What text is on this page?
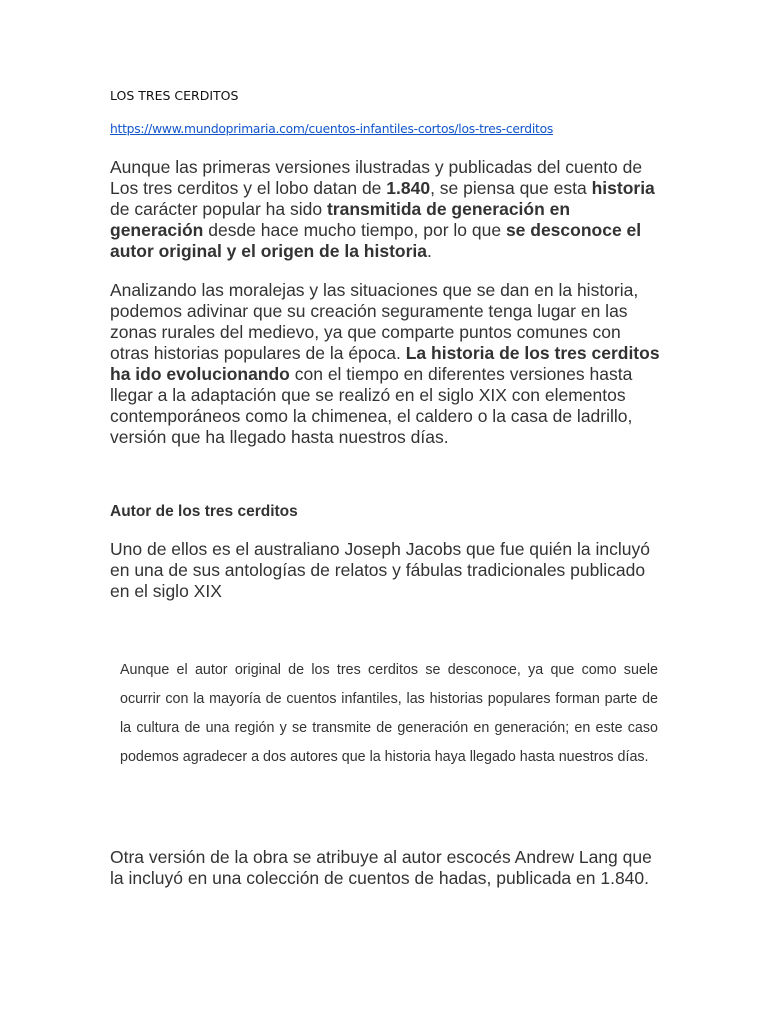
LOS TRES CERDITOS
https://www.mundoprimaria.com/cuentos-infantiles-cortos/los-tres-cerditos

Aunque las primeras versiones ilustradas y publicadas del cuento de Los tres cerditos y el lobo datan de 1.840, se piensa que esta historia de carácter popular ha sido transmitida de generación en generación desde hace mucho tiempo, por lo que se desconoce el autor original y el origen de la historia.

Analizando las moralejas y las situaciones que se dan en la historia, podemos adivinar que su creación seguramente tenga lugar en las zonas rurales del medievo, ya que comparte puntos comunes con otras historias populares de la época. La historia de los tres cerditos ha ido evolucionando con el tiempo en diferentes versiones hasta llegar a la adaptación que se realizó en el siglo XIX con elementos contemporáneos como la chimenea, el caldero o la casa de ladrillo, versión que ha llegado hasta nuestros días.

Autor de los tres cerditos

Uno de ellos es el australiano Joseph Jacobs que fue quién la incluyó en una de sus antologías de relatos y fábulas tradicionales publicado en el siglo XIX

Aunque el autor original de los tres cerditos se desconoce, ya que como suele ocurrir con la mayoría de cuentos infantiles, las historias populares forman parte de la cultura de una región y se transmite de generación en generación; en este caso podemos agradecer a dos autores que la historia haya llegado hasta nuestros días.

Otra versión de la obra se atribuye al autor escocés Andrew Lang que la incluyó en una colección de cuentos de hadas, publicada en 1.840.
